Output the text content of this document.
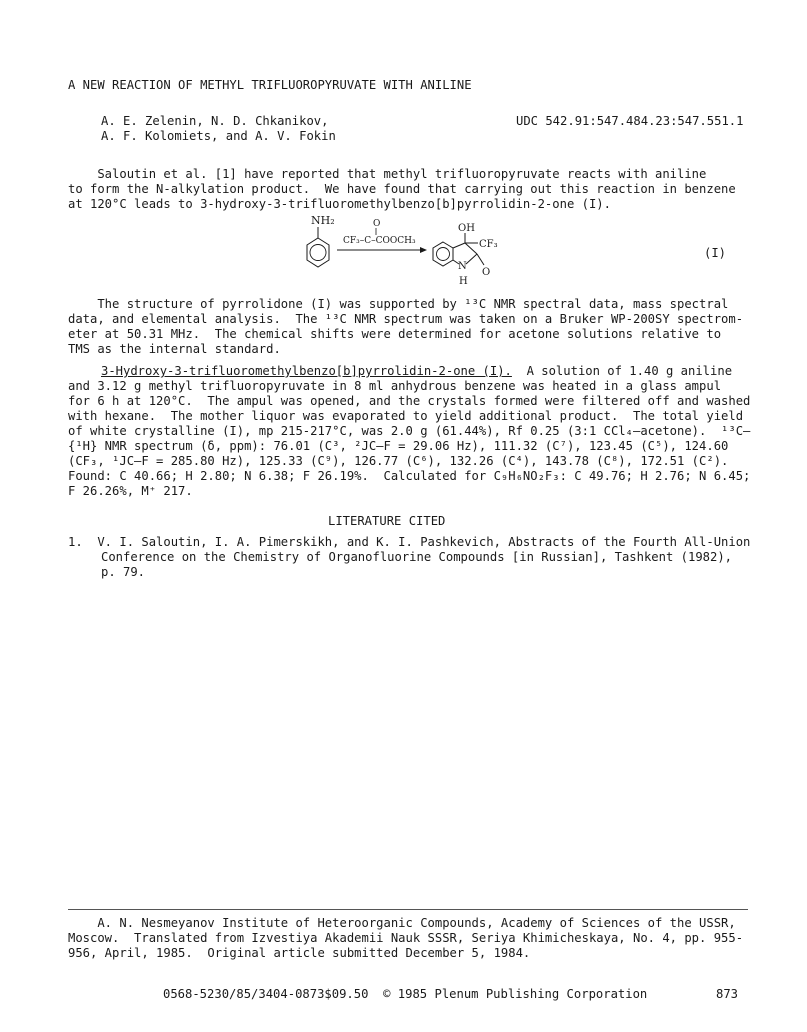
A NEW REACTION OF METHYL TRIFLUOROPYRUVATE WITH ANILINE

A. E. Zelenin, N. D. Chkanikov,

A. F. Kolomiets, and A. V. Fokin

UDC 542.91:547.484.23:547.551.1

Saloutin et al. [1] have reported that methyl trifluoropyruvate reacts with aniline

to form the N-alkylation product.  We have found that carrying out this reaction in benzene

at 120°C leads to 3-hydroxy-3-trifluoromethylbenzo[b]pyrrolidin-2-one (I).

NH₂	O
CF₃–C–COOCH₃
OH
CF₃
N
H
O

(I)

The structure of pyrrolidone (I) was supported by ¹³C NMR spectral data, mass spectral

data, and elemental analysis.  The ¹³C NMR spectrum was taken on a Bruker WP-200SY spectrom-

eter at 50.31 MHz.  The chemical shifts were determined for acetone solutions relative to

TMS as the internal standard.

3-Hydroxy-3-trifluoromethylbenzo[b]pyrrolidin-2-one (I).  A solution of 1.40 g aniline

and 3.12 g methyl trifluoropyruvate in 8 ml anhydrous benzene was heated in a glass ampul

for 6 h at 120°C.  The ampul was opened, and the crystals formed were filtered off and washed

with hexane.  The mother liquor was evaporated to yield additional product.  The total yield

of white crystalline (I), mp 215-217°C, was 2.0 g (61.44%), Rf 0.25 (3:1 CCl₄–acetone).  ¹³C–

{¹H} NMR spectrum (δ, ppm): 76.01 (C³, ²JC–F = 29.06 Hz), 111.32 (C⁷), 123.45 (C⁵), 124.60

(CF₃, ¹JC–F = 285.80 Hz), 125.33 (C⁹), 126.77 (C⁶), 132.26 (C⁴), 143.78 (C⁸), 172.51 (C²).

Found: C 40.66; H 2.80; N 6.38; F 26.19%.  Calculated for C₉H₆NO₂F₃: C 49.76; H 2.76; N 6.45;

F 26.26%, M⁺ 217.

LITERATURE CITED

1.  V. I. Saloutin, I. A. Pimerskikh, and K. I. Pashkevich, Abstracts of the Fourth All-Union

Conference on the Chemistry of Organofluorine Compounds [in Russian], Tashkent (1982),

p. 79.

A. N. Nesmeyanov Institute of Heteroorganic Compounds, Academy of Sciences of the USSR,

Moscow.  Translated from Izvestiya Akademii Nauk SSSR, Seriya Khimicheskaya, No. 4, pp. 955-

956, April, 1985.  Original article submitted December 5, 1984.

0568-5230/85/3404-0873$09.50  © 1985 Plenum Publishing Corporation	873
